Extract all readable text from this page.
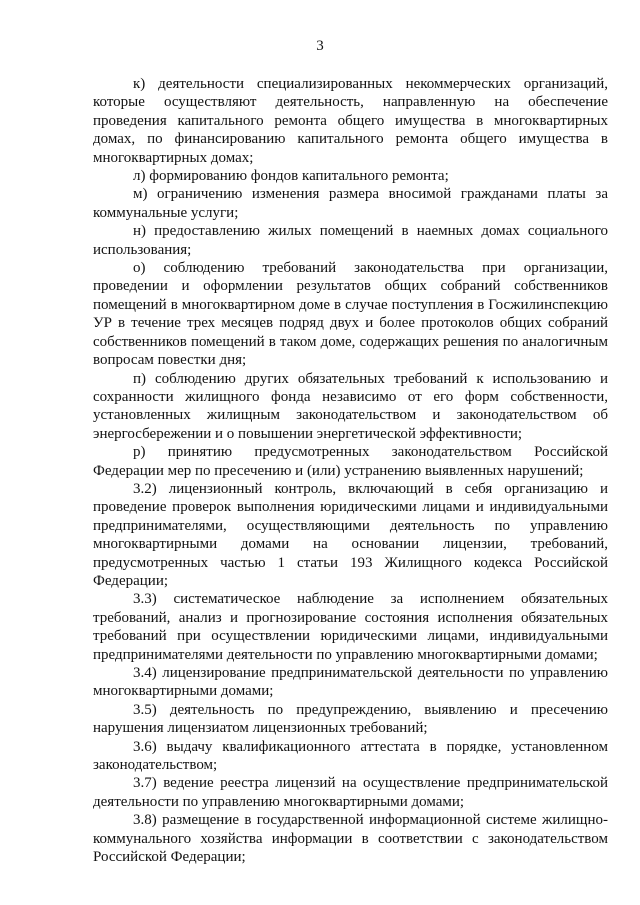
3

к) деятельности специализированных некоммерческих организаций, которые осуществляют деятельность, направленную на обеспечение проведения капитального ремонта общего имущества в многоквартирных домах, по финансированию капитального ремонта общего имущества в многоквартирных домах;

л) формированию фондов капитального ремонта;

м) ограничению изменения размера вносимой гражданами платы за коммунальные услуги;

н) предоставлению жилых помещений в наемных домах социального использования;

о) соблюдению требований законодательства при организации, проведении и оформлении результатов общих собраний собственников помещений в многоквартирном доме в случае поступления в Госжилинспекцию УР в течение трех месяцев подряд двух и более протоколов общих собраний собственников помещений в таком доме, содержащих решения по аналогичным вопросам повестки дня;

п) соблюдению других обязательных требований к использованию и сохранности жилищного фонда независимо от его форм собственности, установленных жилищным законодательством и законодательством об энергосбережении и о повышении энергетической эффективности;

р) принятию предусмотренных законодательством Российской Федерации мер по пресечению и (или) устранению выявленных нарушений;

3.2) лицензионный контроль, включающий в себя организацию и проведение проверок выполнения юридическими лицами и индивидуальными предпринимателями, осуществляющими деятельность по управлению многоквартирными домами на основании лицензии, требований, предусмотренных частью 1 статьи 193 Жилищного кодекса Российской Федерации;

3.3) систематическое наблюдение за исполнением обязательных требований, анализ и прогнозирование состояния исполнения обязательных требований при осуществлении юридическими лицами, индивидуальными предпринимателями деятельности по управлению многоквартирными домами;

3.4) лицензирование предпринимательской деятельности по управлению многоквартирными домами;

3.5) деятельность по предупреждению, выявлению и пресечению нарушения лицензиатом лицензионных требований;

3.6) выдачу квалификационного аттестата в порядке, установленном законодательством;

3.7) ведение реестра лицензий на осуществление предпринимательской деятельности по управлению многоквартирными домами;

3.8) размещение в государственной информационной системе жилищно-коммунального хозяйства информации в соответствии с законодательством Российской Федерации;
